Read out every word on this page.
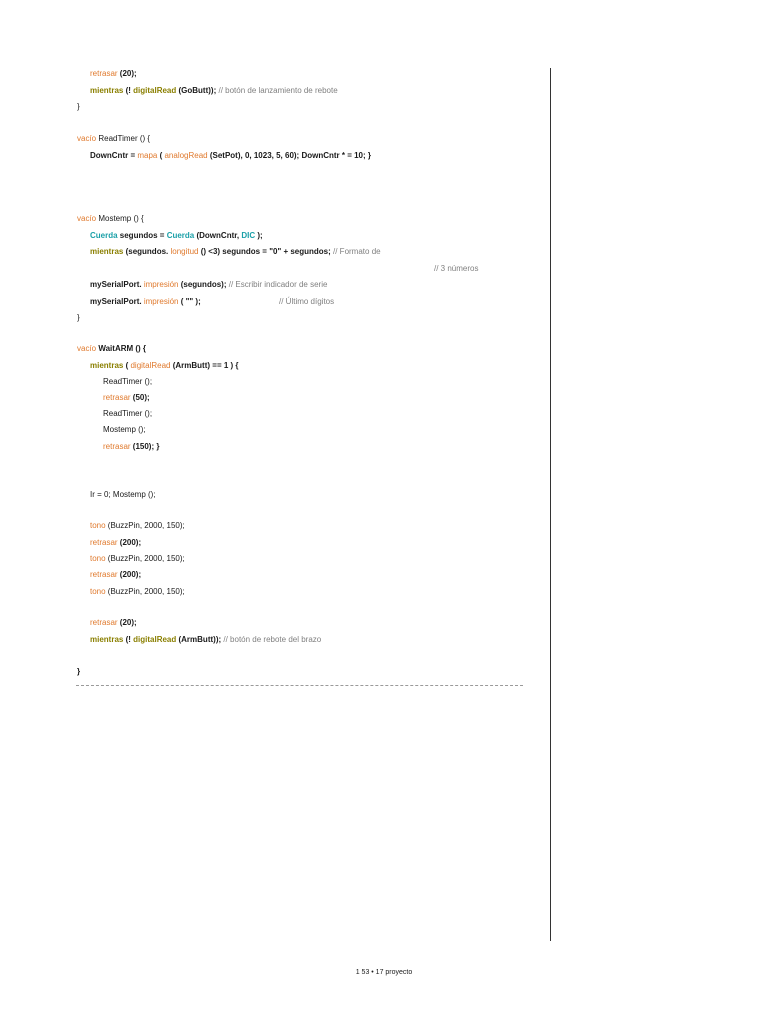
retrasar (20);
mientras (! digitalRead (GoButt)); // botón de lanzamiento de rebote
}
vacío ReadTimer () {
DownCntr = mapa ( analogRead (SetPot), 0, 1023, 5, 60); DownCntr * = 10; }
vacío Mostemp () {
Cuerda segundos = Cuerda (DownCntr, DIC );
mientras (segundos. longitud () <3) segundos = "0" + segundos; // Formato de
// 3 números
mySerialPort. impresión (segundos); // Escribir indicador de serie
mySerialPort. impresión ( "" );	// Último dígitos
}
vacío WaitARM () {
mientras ( digitalRead (ArmButt) == 1 ) {
ReadTimer ();
retrasar (50);
ReadTimer ();
Mostemp ();
retrasar (150); }
Ir = 0; Mostemp ();
tono (BuzzPin, 2000, 150);
retrasar (200);
tono (BuzzPin, 2000, 150);
retrasar (200);
tono (BuzzPin, 2000, 150);
retrasar (20);
mientras (! digitalRead (ArmButt)); // botón de rebote del brazo
}
1 53 • 17 proyecto
